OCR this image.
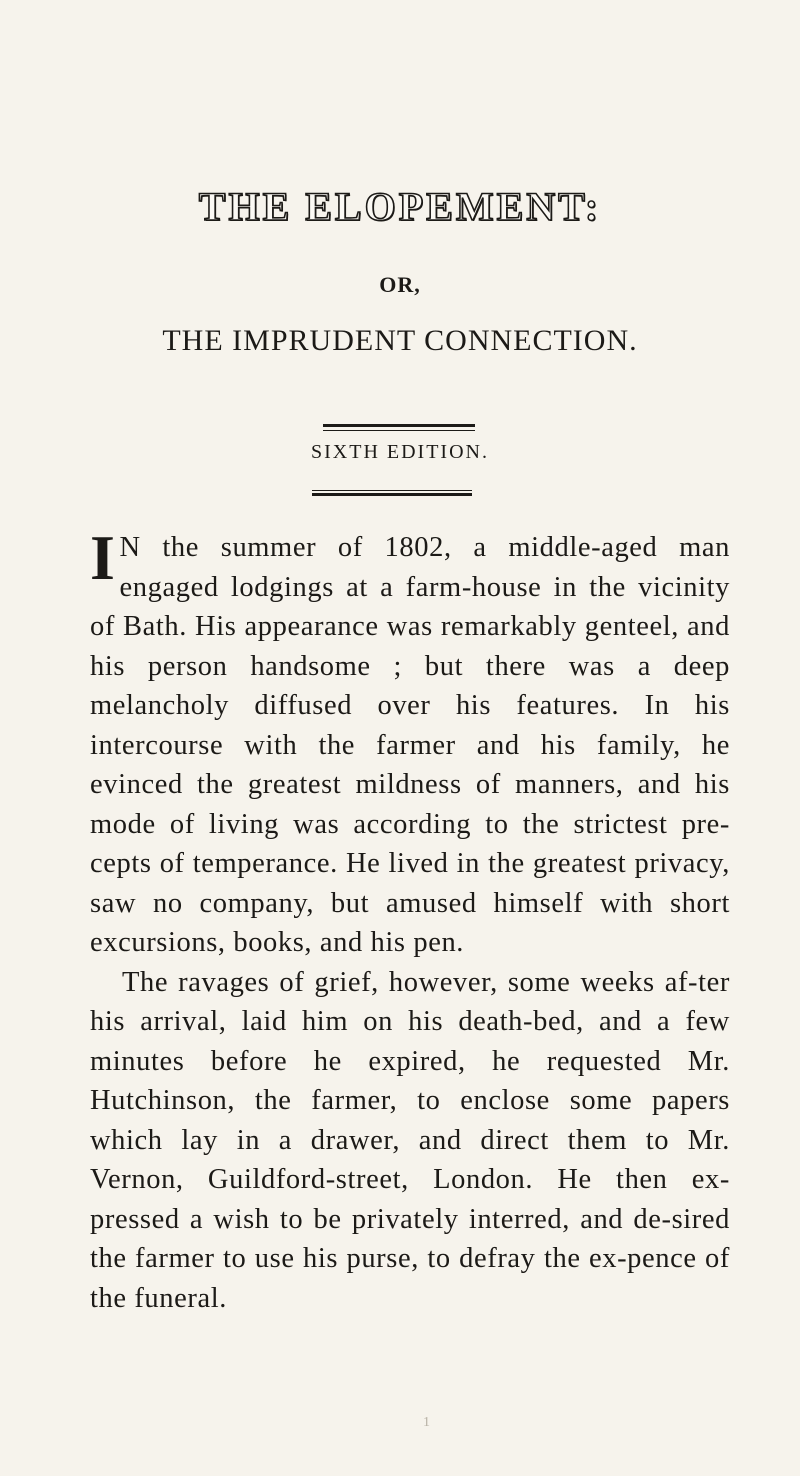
THE ELOPEMENT:
OR,
THE IMPRUDENT CONNECTION.
SIXTH EDITION.

IN the summer of 1802, a middle-aged man engaged lodgings at a farm-house in the vicinity of Bath. His appearance was remarkably genteel, and his person handsome ; but there was a deep melancholy diffused over his features. In his intercourse with the farmer and his family, he evinced the greatest mildness of manners, and his mode of living was according to the strictest pre-cepts of temperance. He lived in the greatest privacy, saw no company, but amused himself with short excursions, books, and his pen.

The ravages of grief, however, some weeks af-ter his arrival, laid him on his death-bed, and a few minutes before he expired, he requested Mr. Hutchinson, the farmer, to enclose some papers which lay in a drawer, and direct them to Mr. Vernon, Guildford-street, London. He then ex-pressed a wish to be privately interred, and de-sired the farmer to use his purse, to defray the ex-pence of the funeral.

1
